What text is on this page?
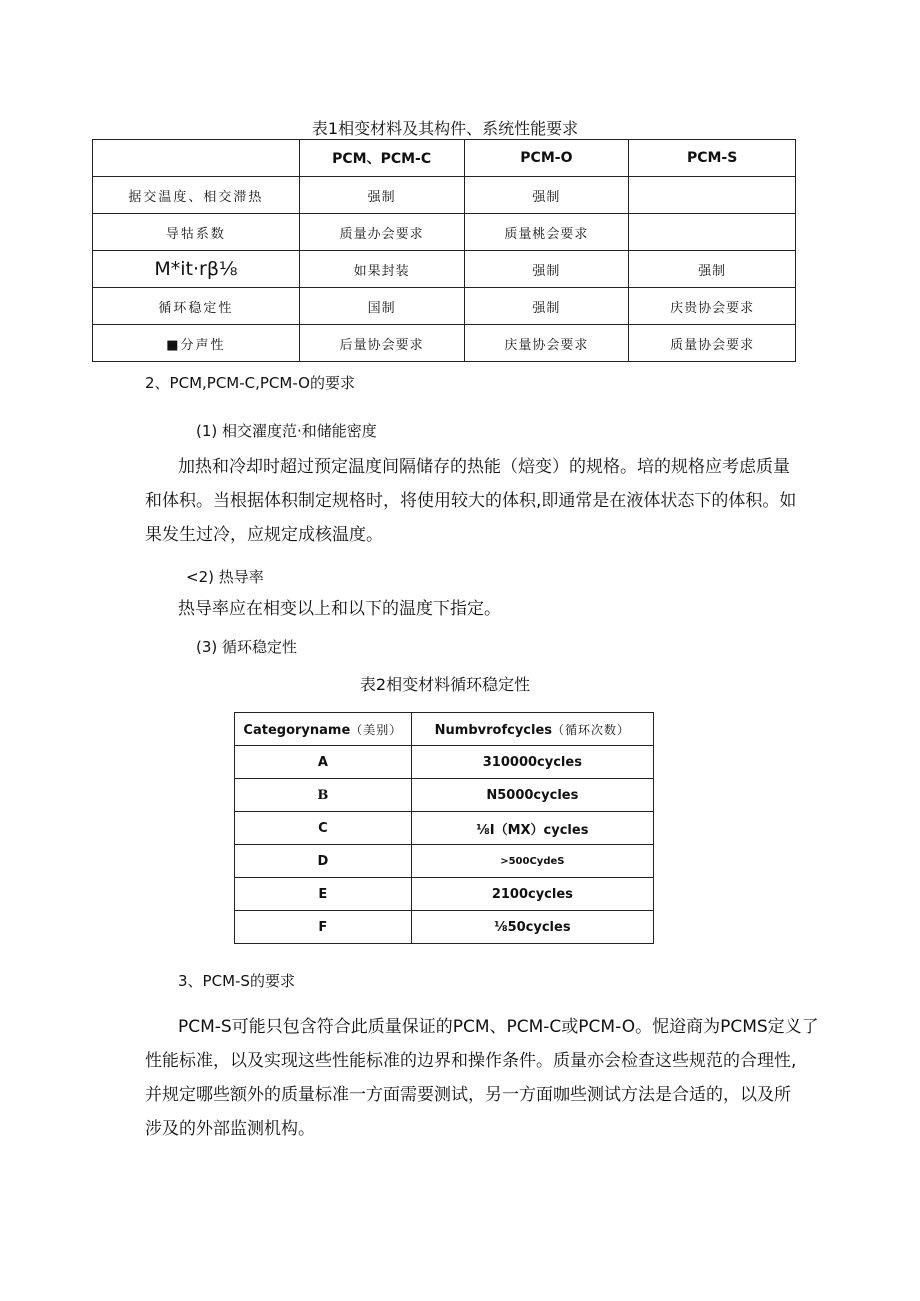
表1相变材料及其构件、系统性能要求
	PCM、PCM-C	PCM-O	PCM-S
据交温度、相交滞热	强制	强制	
导牯系数	质量办会要求	质量桃会要求	
M*it·rβ⅛	如果封装	强制	强制
循环稳定性	国制	强制	庆贵协会要求
■分声性	后量协会要求	庆量协会要求	质量协会要求
2、PCM,PCM-C,PCM-O的要求
(1) 相交濯度范·和储能密度
加热和冷却时超过预定温度间隔储存的热能（焙变）的规格。培的规格应考虑质量
和体积。当根据体积制定规格时，将使用较大的体积,即通常是在液体状态下的体积。如
果发生过冷，应规定成核温度。
<2) 热导率
热导率应在相变以上和以下的温度下指定。
(3) 循环稳定性
表2相变材料循环稳定性
Categoryname（美别）	Numbvrofcycles（循环次数）
A	310000cycles
B	N5000cycles
C	⅛I（MX）cycles
D	>500CydeS
E	2100cycles
F	⅛50cycles
3、PCM-S的要求
PCM-S可能只包含符合此质量保证的PCM、PCM-C或PCM-O。怩逧商为PCMS定义了
性能标准，以及实现这些性能标准的边界和操作条件。质量亦会检查这些规范的合理性,
并规定哪些额外的质量标准一方面需要测试，另一方面咖些测试方法是合适的，以及所
涉及的外部监测机构。
